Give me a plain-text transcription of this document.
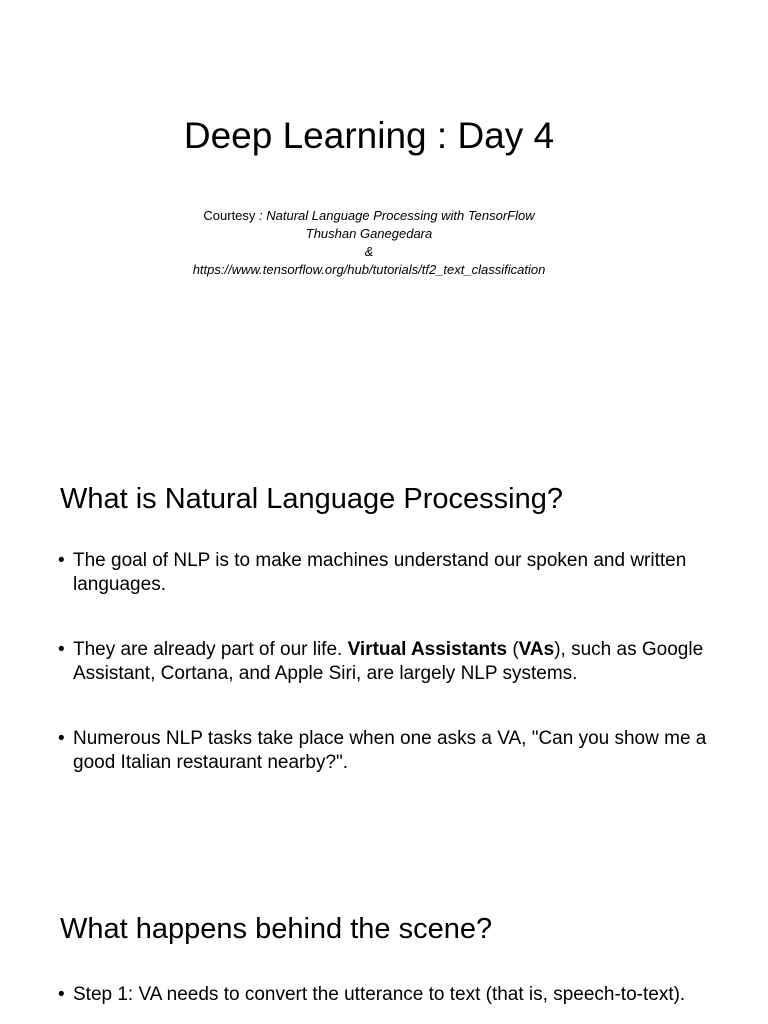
Deep Learning : Day 4
Courtesy : Natural Language Processing with TensorFlow
Thushan Ganegedara
&
https://www.tensorflow.org/hub/tutorials/tf2_text_classification
What is Natural Language Processing?
• The goal of NLP is to make machines understand our spoken and written languages.
• They are already part of our life. Virtual Assistants (VAs), such as Google Assistant, Cortana, and Apple Siri, are largely NLP systems.
• Numerous NLP tasks take place when one asks a VA, "Can you show me a good Italian restaurant nearby?".
What happens behind the scene?
• Step 1: VA needs to convert the utterance to text (that is, speech-to-text).
